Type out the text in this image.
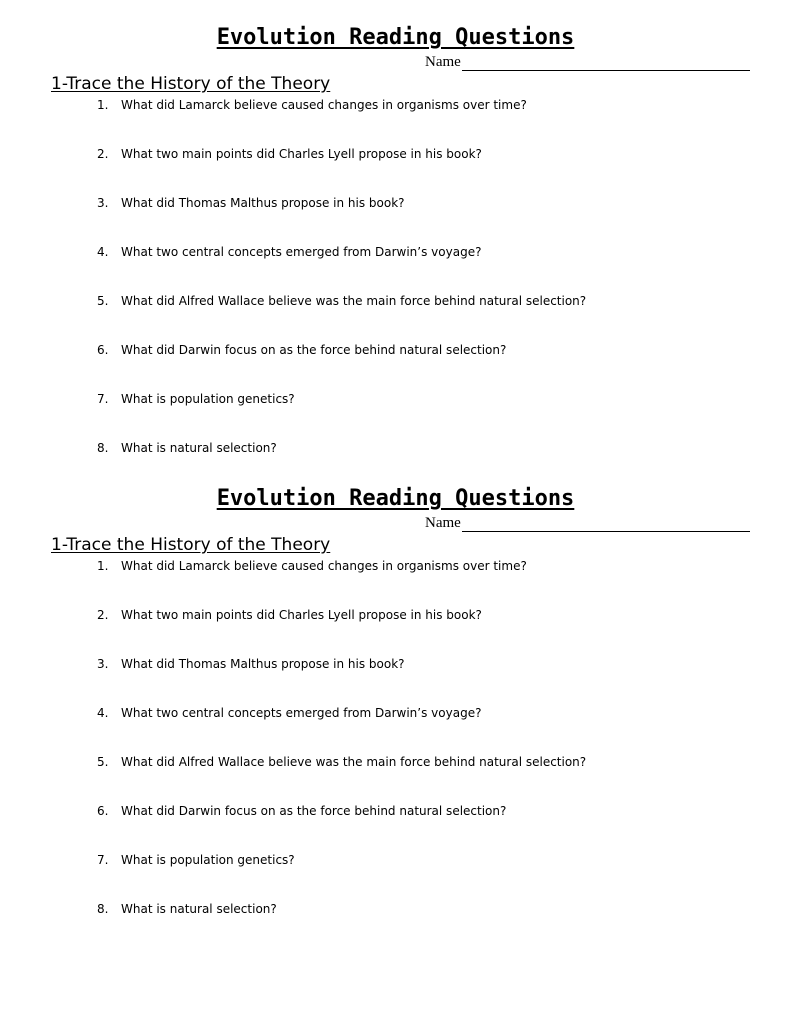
Evolution Reading Questions
Name
1-Trace the History of the Theory
1. What did Lamarck believe caused changes in organisms over time?
2. What two main points did Charles Lyell propose in his book?
3. What did Thomas Malthus propose in his book?
4. What two central concepts emerged from Darwin’s voyage?
5. What did Alfred Wallace believe was the main force behind natural selection?
6. What did Darwin focus on as the force behind natural selection?
7. What is population genetics?
8. What is natural selection?
Evolution Reading Questions
Name
1-Trace the History of the Theory
1. What did Lamarck believe caused changes in organisms over time?
2. What two main points did Charles Lyell propose in his book?
3. What did Thomas Malthus propose in his book?
4. What two central concepts emerged from Darwin’s voyage?
5. What did Alfred Wallace believe was the main force behind natural selection?
6. What did Darwin focus on as the force behind natural selection?
7. What is population genetics?
8. What is natural selection?
